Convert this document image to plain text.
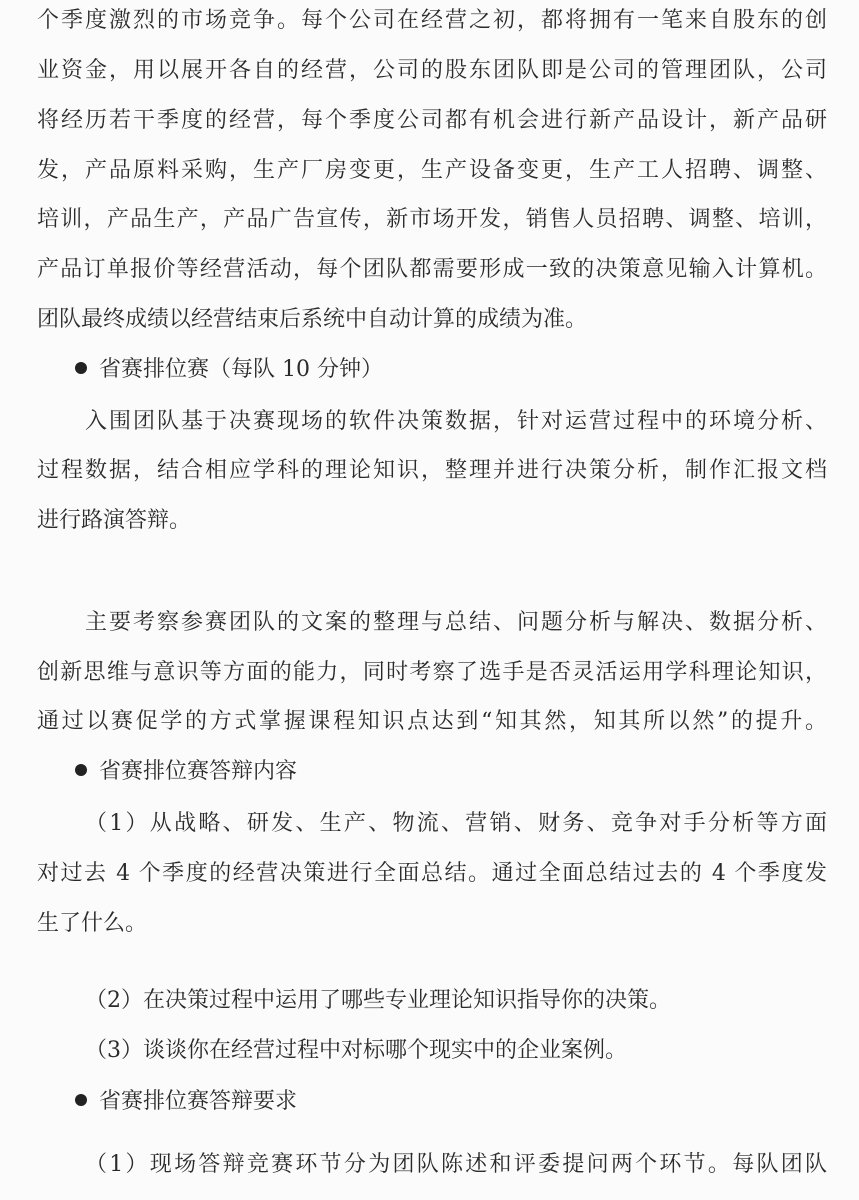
个季度激烈的市场竞争。每个公司在经营之初，都将拥有一笔来自股东的创
业资金，用以展开各自的经营，公司的股东团队即是公司的管理团队，公司
将经历若干季度的经营，每个季度公司都有机会进行新产品设计，新产品研
发，产品原料采购，生产厂房变更，生产设备变更，生产工人招聘、调整、
培训，产品生产，产品广告宣传，新市场开发，销售人员招聘、调整、培训，
产品订单报价等经营活动，每个团队都需要形成一致的决策意见输入计算机。
团队最终成绩以经营结束后系统中自动计算的成绩为准。
省赛排位赛（每队 10 分钟）
入围团队基于决赛现场的软件决策数据，针对运营过程中的环境分析、
过程数据，结合相应学科的理论知识，整理并进行决策分析，制作汇报文档
进行路演答辩。
主要考察参赛团队的文案的整理与总结、问题分析与解决、数据分析、
创新思维与意识等方面的能力，同时考察了选手是否灵活运用学科理论知识，
通过以赛促学的方式掌握课程知识点达到“知其然，知其所以然”的提升。
省赛排位赛答辩内容
（1）从战略、研发、生产、物流、营销、财务、竞争对手分析等方面
对过去 4 个季度的经营决策进行全面总结。通过全面总结过去的 4 个季度发
生了什么。
（2）在决策过程中运用了哪些专业理论知识指导你的决策。
（3）谈谈你在经营过程中对标哪个现实中的企业案例。
省赛排位赛答辩要求
（1）现场答辩竞赛环节分为团队陈述和评委提问两个环节。每队团队
